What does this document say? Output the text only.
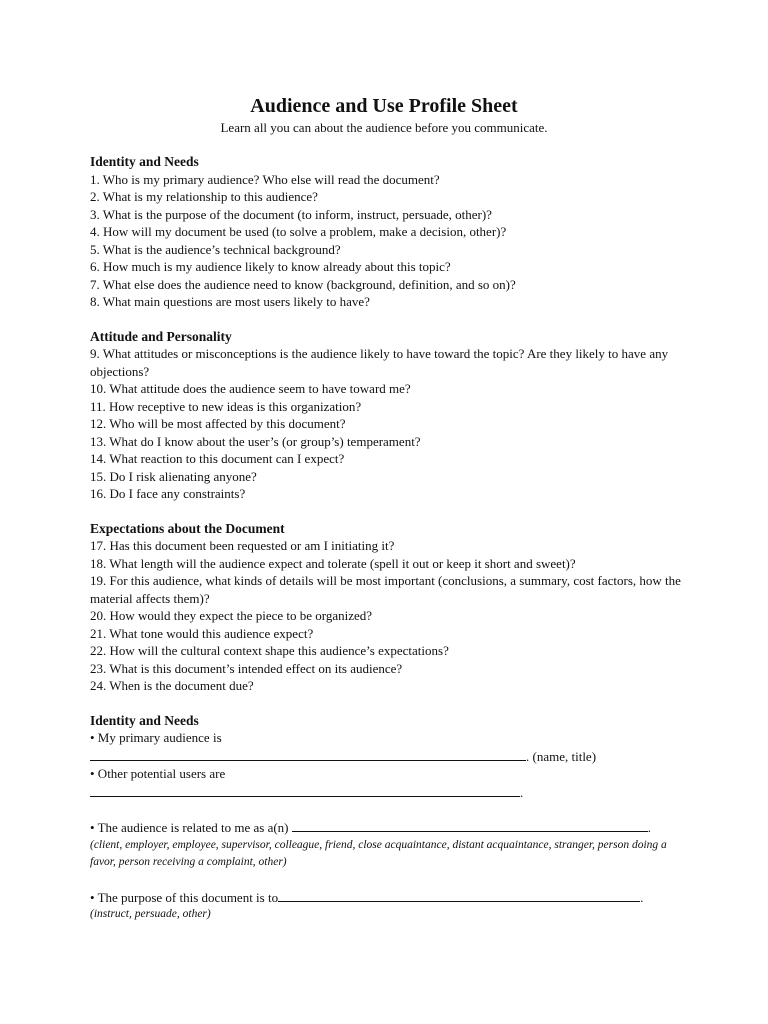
Audience and Use Profile Sheet
Learn all you can about the audience before you communicate.
Identity and Needs
1. Who is my primary audience? Who else will read the document?
2. What is my relationship to this audience?
3. What is the purpose of the document (to inform, instruct, persuade, other)?
4. How will my document be used (to solve a problem, make a decision, other)?
5. What is the audience’s technical background?
6. How much is my audience likely to know already about this topic?
7. What else does the audience need to know (background, definition, and so on)?
8. What main questions are most users likely to have?
Attitude and Personality
9. What attitudes or misconceptions is the audience likely to have toward the topic? Are they likely to have any objections?
10. What attitude does the audience seem to have toward me?
11. How receptive to new ideas is this organization?
12. Who will be most affected by this document?
13. What do I know about the user’s (or group’s) temperament?
14. What reaction to this document can I expect?
15. Do I risk alienating anyone?
16. Do I face any constraints?
Expectations about the Document
17. Has this document been requested or am I initiating it?
18. What length will the audience expect and tolerate (spell it out or keep it short and sweet)?
19. For this audience, what kinds of details will be most important (conclusions, a summary, cost factors, how the material affects them)?
20. How would they expect the piece to be organized?
21. What tone would this audience expect?
22. How will the cultural context shape this audience’s expectations?
23. What is this document’s intended effect on its audience?
24. When is the document due?
Identity and Needs
• My primary audience is
. (name, title)
• Other potential users are
.
• The audience is related to me as a(n)	.
(client, employer, employee, supervisor, colleague, friend, close acquaintance, distant acquaintance, stranger, person doing a favor, person receiving a complaint, other)
• The purpose of this document is to	.
(instruct, persuade, other)
